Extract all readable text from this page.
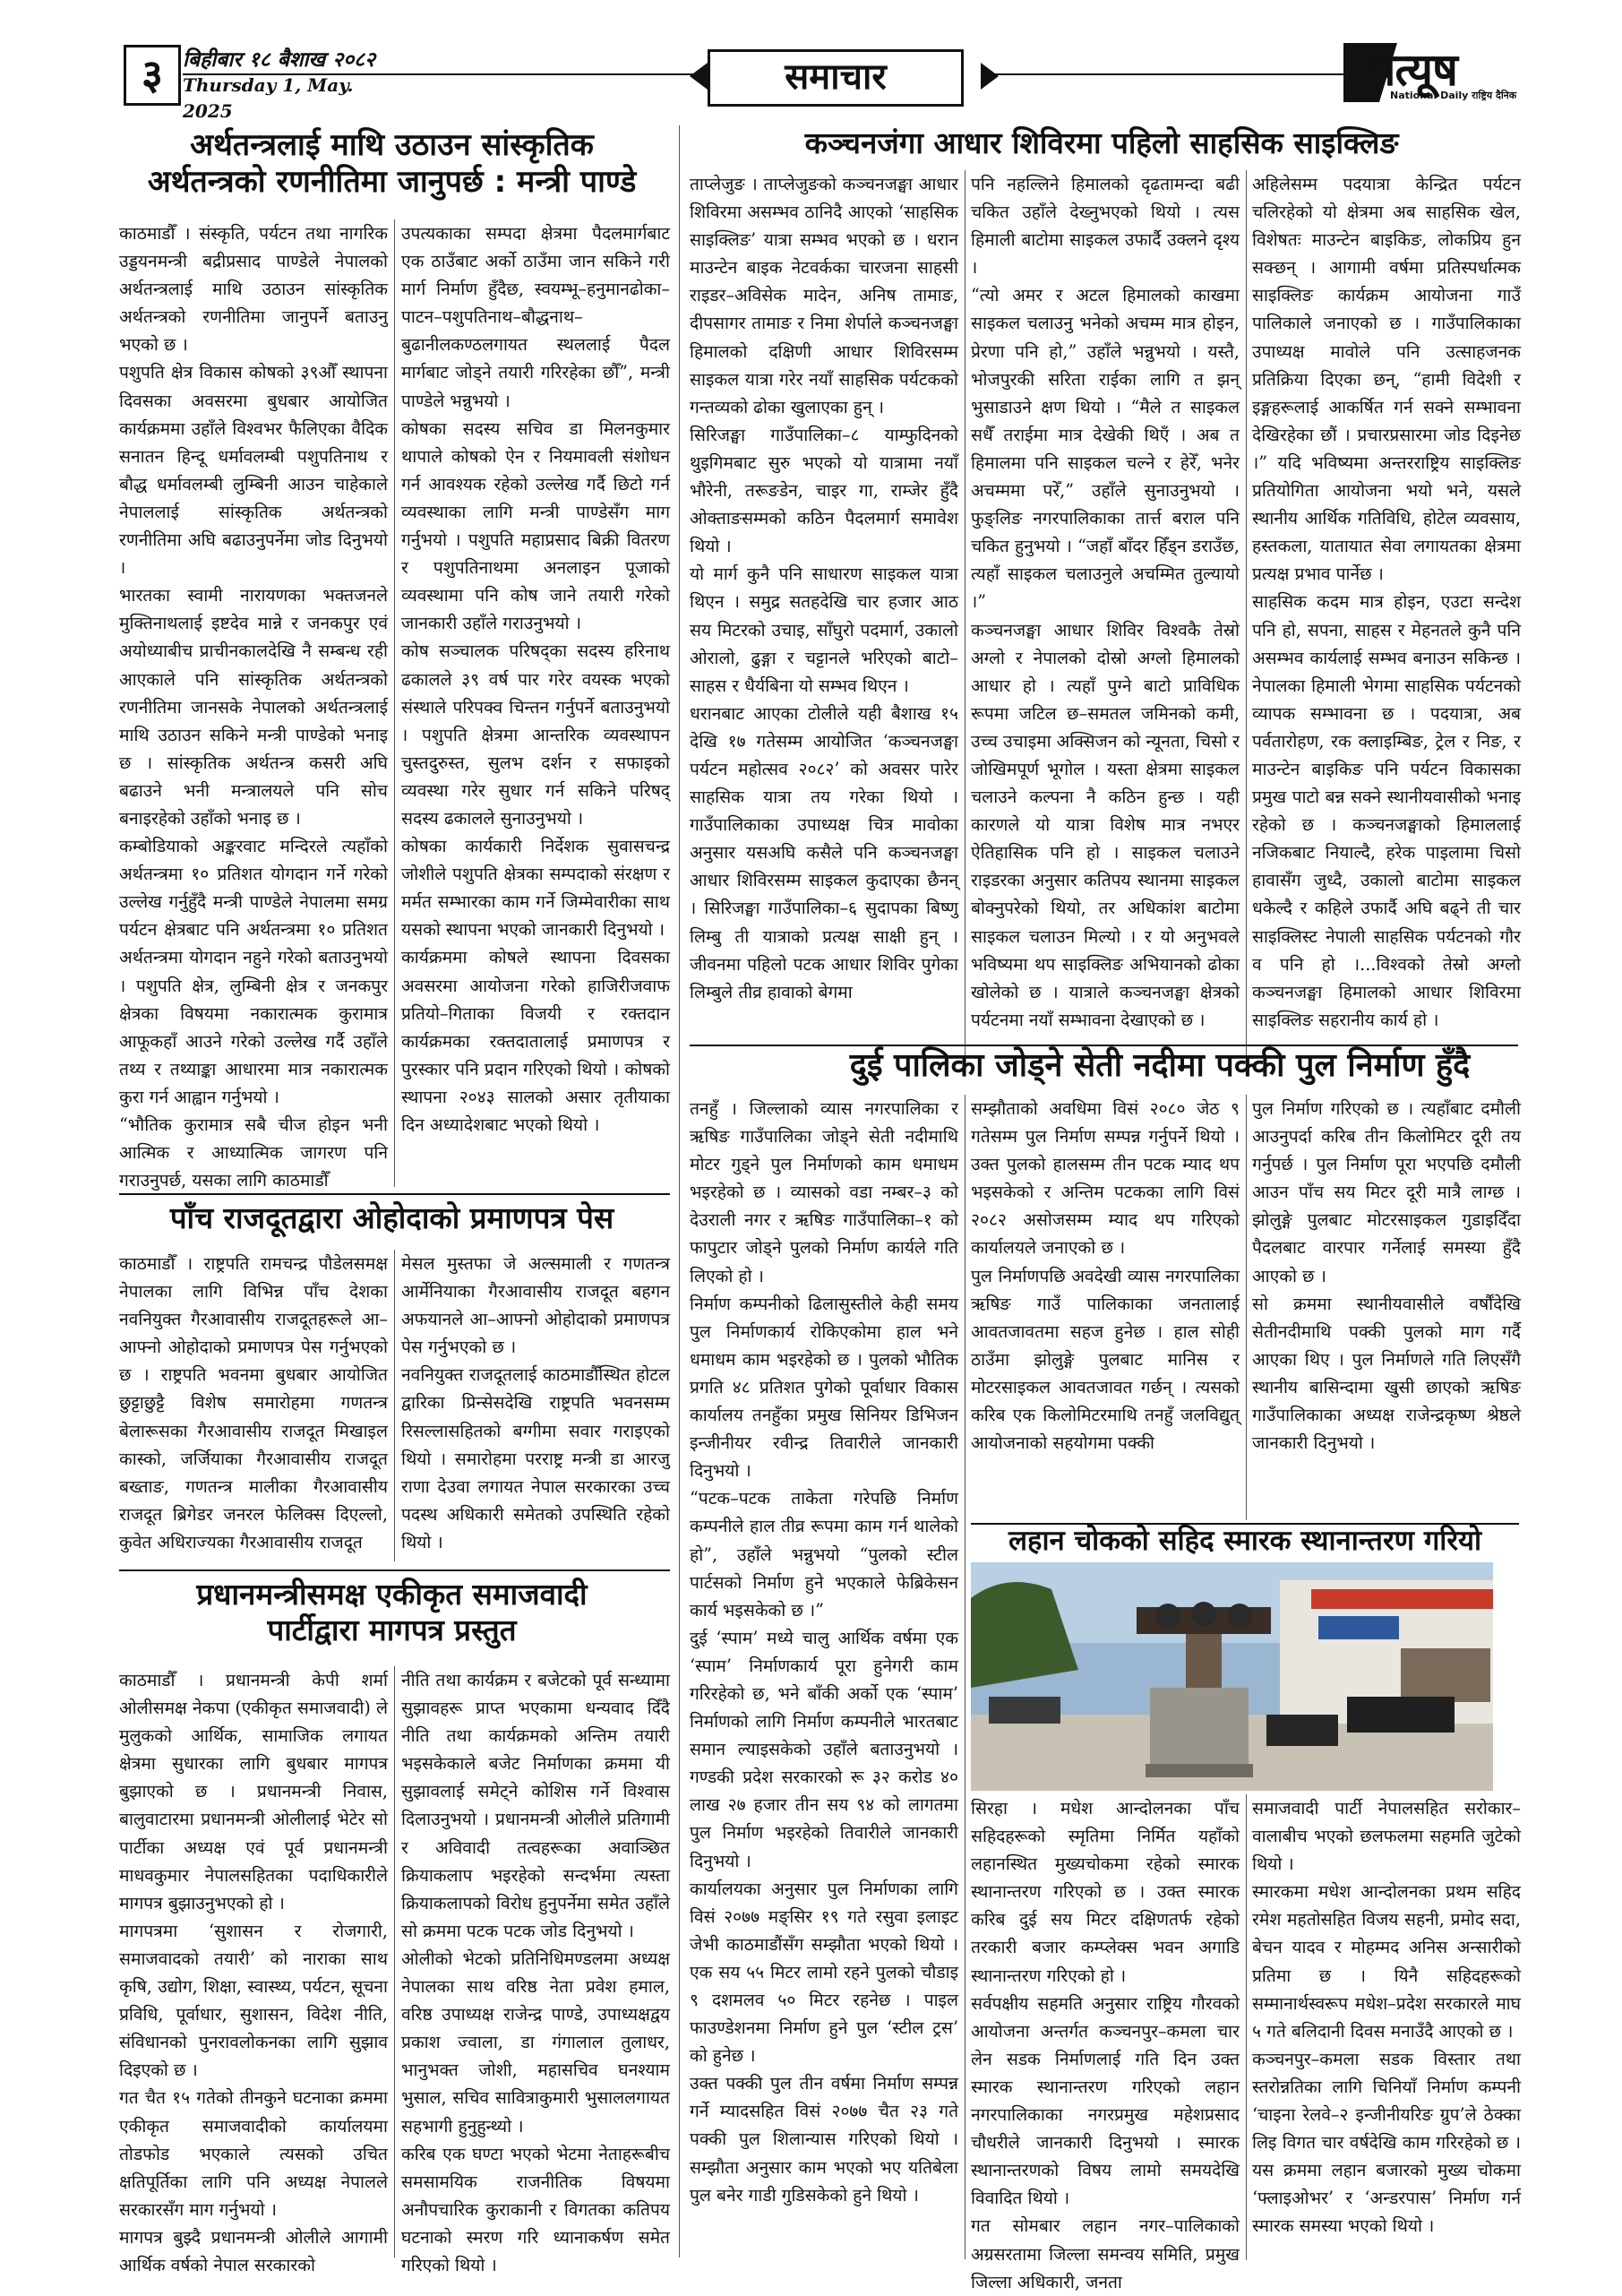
३ बिहीबार १८ बैशाख २०८२
Thursday 1, May. 2025
समाचार	प्रत्यूष
National Daily राष्ट्रिय दैनिक
अर्थतन्त्रलाई माथि उठाउन सांस्कृतिक
अर्थतन्त्रको रणनीतिमा जानुपर्छ : मन्त्री पाण्डे
काठमाडौँ । संस्कृति, पर्यटन तथा नागरिक उड्डयनमन्त्री बद्रीप्रसाद पाण्डेले नेपालको अर्थतन्त्रलाई माथि उठाउन सांस्कृतिक अर्थतन्त्रको रणनीतिमा जानुपर्ने बताउनु भएको छ ।
पशुपति क्षेत्र विकास कोषको ३९औँ स्थापना दिवसका अवसरमा बुधबार आयोजित कार्यक्रममा उहाँले विश्वभर फैलिएका वैदिक सनातन हिन्दू धर्मावलम्बी पशुपतिनाथ र बौद्ध धर्मावलम्बी लुम्बिनी आउन चाहेकाले नेपाललाई सांस्कृतिक अर्थतन्त्रको रणनीतिमा अघि बढाउनुपर्नेमा जोड दिनुभयो ।
भारतका स्वामी नारायणका भक्तजनले मुक्तिनाथलाई इष्टदेव मान्ने र जनकपुर एवं अयोध्याबीच प्राचीनकालदेखि नै सम्बन्ध रही आएकाले पनि सांस्कृतिक अर्थतन्त्रको रणनीतिमा जानसके नेपालको अर्थतन्त्रलाई माथि उठाउन सकिने मन्त्री पाण्डेको भनाइ छ । सांस्कृतिक अर्थतन्त्र कसरी अघि बढाउने भनी मन्त्रालयले पनि सोच बनाइरहेको उहाँको भनाइ छ ।
कम्बोडियाको अङ्करवाट मन्दिरले त्यहाँको अर्थतन्त्रमा १० प्रतिशत योगदान गर्ने गरेको उल्लेख गर्नुहुँदै मन्त्री पाण्डेले नेपालमा समग्र पर्यटन क्षेत्रबाट पनि अर्थतन्त्रमा १० प्रतिशत अर्थतन्त्रमा योगदान नहुने गरेको बताउनुभयो । पशुपति क्षेत्र, लुम्बिनी क्षेत्र र जनकपुर क्षेत्रका विषयमा नकारात्मक कुरामात्र आफूकहाँ आउने गरेको उल्लेख गर्दै उहाँले तथ्य र तथ्याङ्का आधारमा मात्र नकारात्मक कुरा गर्न आह्वान गर्नुभयो ।
“भौतिक कुरामात्र सबै चीज होइन भनी आत्मिक र आध्यात्मिक जागरण पनि गराउनुपर्छ, यसका लागि काठमाडौँ
उपत्यकाका सम्पदा क्षेत्रमा पैदलमार्गबाट एक ठाउँबाट अर्को ठाउँमा जान सकिने गरी मार्ग निर्माण हुँदैछ, स्वयम्भू–हनुमानढोका–पाटन–पशुपतिनाथ–बौद्धनाथ–बुढानीलकण्ठलगायत स्थललाई पैदल मार्गबाट जोड्ने तयारी गरिरहेका छौँ”, मन्त्री पाण्डेले भन्नुभयो ।
कोषका सदस्य सचिव डा मिलनकुमार थापाले कोषको ऐन र नियमावली संशोधन गर्न आवश्यक रहेको उल्लेख गर्दै छिटो गर्न व्यवस्थाका लागि मन्त्री पाण्डेसँग माग गर्नुभयो । पशुपति महाप्रसाद बिक्री वितरण र पशुपतिनाथमा अनलाइन पूजाको व्यवस्थामा पनि कोष जाने तयारी गरेको जानकारी उहाँले गराउनुभयो ।
कोष सञ्चालक परिषद्का सदस्य हरिनाथ ढकालले ३९ वर्ष पार गरेर वयस्क भएको संस्थाले परिपक्व चिन्तन गर्नुपर्ने बताउनुभयो । पशुपति क्षेत्रमा आन्तरिक व्यवस्थापन चुस्तदुरुस्त, सुलभ दर्शन र सफाइको व्यवस्था गरेर सुधार गर्न सकिने परिषद् सदस्य ढकालले सुनाउनुभयो ।
कोषका कार्यकारी निर्देशक सुवासचन्द्र जोशीले पशुपति क्षेत्रका सम्पदाको संरक्षण र मर्मत सम्भारका काम गर्ने जिम्मेवारीका साथ यसको स्थापना भएको जानकारी दिनुभयो ।
कार्यक्रममा कोषले स्थापना दिवसका अवसरमा आयोजना गरेको हाजिरीजवाफ प्रतियो–गिताका विजयी र रक्तदान कार्यक्रमका रक्तदातालाई प्रमाणपत्र र पुरस्कार पनि प्रदान गरिएको थियो । कोषको स्थापना २०४३ सालको असार तृतीयाका दिन अध्यादेशबाट भएको थियो ।
पाँच राजदूतद्वारा ओहोदाको प्रमाणपत्र पेस
काठमाडौँ । राष्ट्रपति रामचन्द्र पौडेलसमक्ष नेपालका लागि विभिन्न पाँच देशका नवनियुक्त गैरआवासीय राजदूतहरूले आ–आफ्नो ओहोदाको प्रमाणपत्र पेस गर्नुभएको छ । राष्ट्रपति भवनमा बुधबार आयोजित छुट्टाछुट्टै विशेष समारोहमा गणतन्त्र बेलारूसका गैरआवासीय राजदूत मिखाइल कास्को, जर्जियाका गैरआवासीय राजदूत बख्ताङ, गणतन्त्र मालीका गैरआवासीय राजदूत ब्रिगेडर जनरल फेलिक्स दिएल्लो, कुवेत अधिराज्यका गैरआवासीय राजदूत
मेसल मुस्तफा जे अल्समाली र गणतन्त्र आर्मेनियाका गैरआवासीय राजदूत बहगन अफयानले आ–आफ्नो ओहोदाको प्रमाणपत्र पेस गर्नुभएको छ ।
नवनियुक्त राजदूतलाई काठमाडौँस्थित होटल द्वारिका प्रिन्सेसदेखि राष्ट्रपति भवनसम्म रिसल्लासहितको बग्गीमा सवार गराइएको थियो । समारोहमा परराष्ट्र मन्त्री डा आरजु राणा देउवा लगायत नेपाल सरकारका उच्च पदस्थ अधिकारी समेतको उपस्थिति रहेको थियो ।
प्रधानमन्त्रीसमक्ष एकीकृत समाजवादी
पार्टीद्वारा मागपत्र प्रस्तुत
काठमाडौँ । प्रधानमन्त्री केपी शर्मा ओलीसमक्ष नेकपा (एकीकृत समाजवादी) ले मुलुकको आर्थिक, सामाजिक लगायत क्षेत्रमा सुधारका लागि बुधबार मागपत्र बुझाएको छ । प्रधानमन्त्री निवास, बालुवाटारमा प्रधानमन्त्री ओलीलाई भेटेर सो पार्टीका अध्यक्ष एवं पूर्व प्रधानमन्त्री माधवकुमार नेपालसहितका पदाधिकारीले मागपत्र बुझाउनुभएको हो ।
मागपत्रमा ‘सुशासन र रोजगारी, समाजवादको तयारी’ को नाराका साथ कृषि, उद्योग, शिक्षा, स्वास्थ्य, पर्यटन, सूचना प्रविधि, पूर्वाधार, सुशासन, विदेश नीति, संविधानको पुनरावलोकनका लागि सुझाव दिइएको छ ।
गत चैत १५ गतेको तीनकुने घटनाका क्रममा एकीकृत समाजवादीको कार्यालयमा तोडफोड भएकाले त्यसको उचित क्षतिपूर्तिका लागि पनि अध्यक्ष नेपालले सरकारसँग माग गर्नुभयो ।
मागपत्र बुझ्दै प्रधानमन्त्री ओलीले आगामी आर्थिक वर्षको नेपाल सरकारको
नीति तथा कार्यक्रम र बजेटको पूर्व सन्ध्यामा सुझावहरू प्राप्त भएकामा धन्यवाद दिँदै नीति तथा कार्यक्रमको अन्तिम तयारी भइसकेकाले बजेट निर्माणका क्रममा यी सुझावलाई समेट्ने कोशिस गर्ने विश्वास दिलाउनुभयो । प्रधानमन्त्री ओलीले प्रतिगामी र अविवादी तत्वहरूका अवाञ्छित क्रियाकलाप भइरहेको सन्दर्भमा त्यस्ता क्रियाकलापको विरोध हुनुपर्नेमा समेत उहाँले सो क्रममा पटक पटक जोड दिनुभयो ।
ओलीको भेटको प्रतिनिधिमण्डलमा अध्यक्ष नेपालका साथ वरिष्ठ नेता प्रवेश हमाल, वरिष्ठ उपाध्यक्ष राजेन्द्र पाण्डे, उपाध्यक्षद्वय प्रकाश ज्वाला, डा गंगालाल तुलाधर, भानुभक्त जोशी, महासचिव घनश्याम भुसाल, सचिव सावित्राकुमारी भुसाललगायत सहभागी हुनुहुन्थ्यो ।
करिब एक घण्टा भएको भेटमा नेताहरूबीच समसामयिक राजनीतिक विषयमा अनौपचारिक कुराकानी र विगतका कतिपय घटनाको स्मरण गरि ध्यानाकर्षण समेत गरिएको थियो ।
कञ्चनजंगा आधार शिविरमा पहिलो साहसिक साइक्लिङ
ताप्लेजुङ । ताप्लेजुङको कञ्चनजङ्घा आधार शिविरमा असम्भव ठानिदै आएको ‘साहसिक साइक्लिङ’ यात्रा सम्भव भएको छ । धरान माउन्टेन बाइक नेटवर्कका चारजना साहसी राइडर–अविसेक मादेन, अनिष तामाङ, दीपसागर तामाङ र निमा शेर्पाले कञ्चनजङ्घा हिमालको दक्षिणी आधार शिविरसम्म साइकल यात्रा गरेर नयाँ साहसिक पर्यटकको गन्तव्यको ढोका खुलाएका हुन् ।
सिरिजङ्घा गाउँपालिका–८ याम्फुदिनको थुइगिमबाट सुरु भएको यो यात्रामा नयाँ भौरेनी, तरूङडेन, चाइर गा, राम्जेर हुँदै ओक्ताङसम्मको कठिन पैदलमार्ग समावेश थियो ।
यो मार्ग कुनै पनि साधारण साइकल यात्रा थिएन । समुद्र सतहदेखि चार हजार आठ सय मिटरको उचाइ, साँघुरो पदमार्ग, उकालो ओरालो, ढुङ्गा र चट्टानले भरिएको बाटो–साहस र धैर्यबिना यो सम्भव थिएन ।
धरानबाट आएका टोलीले यही बैशाख १५ देखि १७ गतेसम्म आयोजित ‘कञ्चनजङ्घा पर्यटन महोत्सव २०८२’ को अवसर पारेर साहसिक यात्रा तय गरेका थियो । गाउँपालिकाका उपाध्यक्ष चित्र मावोका अनुसार यसअघि कसैले पनि कञ्चनजङ्घा आधार शिविरसम्म साइकल कुदाएका छैनन् । सिरिजङ्घा गाउँपालिका–६ सुदापका बिष्णु लिम्बु ती यात्राको प्रत्यक्ष साक्षी हुन् । जीवनमा पहिलो पटक आधार शिविर पुगेका लिम्बुले तीव्र हावाको बेगमा
पनि नहल्लिने हिमालको दृढतामन्दा बढी चकित उहाँले देख्नुभएको थियो । त्यस हिमाली बाटोमा साइकल उफार्दै उक्लने दृश्य ।
“त्यो अमर र अटल हिमालको काखमा साइकल चलाउनु भनेको अचम्म मात्र होइन, प्रेरणा पनि हो,” उहाँले भन्नुभयो । यस्तै, भोजपुरकी सरिता राईका लागि त झन् भुसाडाउने क्षण थियो । “मैले त साइकल सधैँ तराईमा मात्र देखेकी थिएँ । अब त हिमालमा पनि साइकल चल्ने र हेरेँ, भनेर अचम्ममा परेँ,” उहाँले सुनाउनुभयो । फुङ्लिङ नगरपालिकाका तार्त्त बराल पनि चकित हुनुभयो । “जहाँ बाँदर हिँड्न डराउँछ, त्यहाँ साइकल चलाउनुले अचम्मित तुल्यायो ।”
कञ्चनजङ्घा आधार शिविर विश्वकै तेस्रो अग्लो र नेपालको दोस्रो अग्लो हिमालको आधार हो । त्यहाँ पुग्ने बाटो प्राविधिक रूपमा जटिल छ–समतल जमिनको कमी, उच्च उचाइमा अक्सिजन को न्यूनता, चिसो र जोखिमपूर्ण भूगोल । यस्ता क्षेत्रमा साइकल चलाउने कल्पना नै कठिन हुन्छ । यही कारणले यो यात्रा विशेष मात्र नभएर ऐतिहासिक पनि हो । साइकल चलाउने राइडरका अनुसार कतिपय स्थानमा साइकल बोक्नुपरेको थियो, तर अधिकांश बाटोमा साइकल चलाउन मिल्यो । र यो अनुभवले भविष्यमा थप साइक्लिङ अभियानको ढोका खोलेको छ । यात्राले कञ्चनजङ्घा क्षेत्रको पर्यटनमा नयाँ सम्भावना देखाएको छ ।
अहिलेसम्म पदयात्रा केन्द्रित पर्यटन चलिरहेको यो क्षेत्रमा अब साहसिक खेल, विशेषतः माउन्टेन बाइकिङ, लोकप्रिय हुन सक्छन् । आगामी वर्षमा प्रतिस्पर्धात्मक साइक्लिङ कार्यक्रम आयोजना गाउँ पालिकाले जनाएको छ । गाउँपालिकाका उपाध्यक्ष मावोले पनि उत्साहजनक प्रतिक्रिया दिएका छन्, “हामी विदेशी र इङ्गहरूलाई आकर्षित गर्न सक्ने सम्भावना देखिरहेका छौं । प्रचारप्रसारमा जोड दिइनेछ ।” यदि भविष्यमा अन्तरराष्ट्रिय साइक्लिङ प्रतियोगिता आयोजना भयो भने, यसले स्थानीय आर्थिक गतिविधि, होटेल व्यवसाय, हस्तकला, यातायात सेवा लगायतका क्षेत्रमा प्रत्यक्ष प्रभाव पार्नेछ ।
साहसिक कदम मात्र होइन, एउटा सन्देश पनि हो, सपना, साहस र मेहनतले कुनै पनि असम्भव कार्यलाई सम्भव बनाउन सकिन्छ । नेपालका हिमाली भेगमा साहसिक पर्यटनको व्यापक सम्भावना छ । पदयात्रा, अब पर्वतारोहण, रक क्लाइम्बिङ, ट्रेल र निङ, र माउन्टेन बाइकिङ पनि पर्यटन विकासका प्रमुख पाटो बन्न सक्ने स्थानीयवासीको भनाइ रहेको छ । कञ्चनजङ्घाको हिमाललाई नजिकबाट नियाल्दै, हरेक पाइलामा चिसो हावासँग जुध्दै, उकालो बाटोमा साइकल धकेल्दै र कहिले उफार्दै अघि बढ्ने ती चार साइक्लिस्ट नेपाली साहसिक पर्यटनको गौर व पनि हो ।...विश्वको तेस्रो अग्लो कञ्चनजङ्घा हिमालको आधार शिविरमा साइक्लिङ सहरानीय कार्य हो ।
दुई पालिका जोड्ने सेती नदीमा पक्की पुल निर्माण हुँदै
तनहुँ । जिल्लाको व्यास नगरपालिका र ऋषिङ गाउँपालिका जोड्ने सेती नदीमाथि मोटर गुड्ने पुल निर्माणको काम धमाधम भइरहेको छ । व्यासको वडा नम्बर–३ को देउराली नगर र ऋषिङ गाउँपालिका–१ को फापुटार जोड्ने पुलको निर्माण कार्यले गति लिएको हो ।
निर्माण कम्पनीको ढिलासुस्तीले केही समय पुल निर्माणकार्य रोकिएकोमा हाल भने धमाधम काम भइरहेको छ । पुलको भौतिक प्रगति ४८ प्रतिशत पुगेको पूर्वाधार विकास कार्यालय तनहुँका प्रमुख सिनियर डिभिजन इन्जीनीयर रवीन्द्र तिवारीले जानकारी दिनुभयो ।
“पटक–पटक ताकेता गरेपछि निर्माण कम्पनीले हाल तीव्र रूपमा काम गर्न थालेको हो”, उहाँले भन्नुभयो “पुलको स्टील पार्टसको निर्माण हुने भएकाले फेब्रिकेसन कार्य भइसकेको छ ।”
दुई ‘स्पाम’ मध्ये चालु आर्थिक वर्षमा एक ‘स्पाम’ निर्माणकार्य पूरा हुनेगरी काम गरिरहेको छ, भने बाँकी अर्को एक ‘स्पाम’ निर्माणको लागि निर्माण कम्पनीले भारतबाट समान ल्याइसकेको उहाँले बताउनुभयो । गण्डकी प्रदेश सरकारको रू ३२ करोड ४० लाख २७ हजार तीन सय ९४ को लागतमा पुल निर्माण भइरहेको तिवारीले जानकारी दिनुभयो ।
कार्यालयका अनुसार पुल निर्माणका लागि विसं २०७७ मङ्सिर १९ गते रसुवा इलाइट जेभी काठमाडौंसँग सम्झौता भएको थियो । एक सय ५५ मिटर लामो रहने पुलको चौडाइ ९ दशमलव ५० मिटर रहनेछ । पाइल फाउण्डेशनमा निर्माण हुने पुल ‘स्टील ट्रस’ को हुनेछ ।
उक्त पक्की पुल तीन वर्षमा निर्माण सम्पन्न गर्ने म्यादसहित विसं २०७७ चैत २३ गते पक्की पुल शिलान्यास गरिएको थियो । सम्झौता अनुसार काम भएको भए यतिबेला पुल बनेर गाडी गुडिसकेको हुने थियो ।
सम्झौताको अवधिमा विसं २०८० जेठ ९ गतेसम्म पुल निर्माण सम्पन्न गर्नुपर्ने थियो । उक्त पुलको हालसम्म तीन पटक म्याद थप भइसकेको र अन्तिम पटकका लागि विसं २०८२ असोजसम्म म्याद थप गरिएको कार्यालयले जनाएको छ ।
पुल निर्माणपछि अवदेखी व्यास नगरपालिका ऋषिङ गाउँ पालिकाका जनतालाई आवतजावतमा सहज हुनेछ । हाल सोही ठाउँमा झोलुङ्गे पुलबाट मानिस र मोटरसाइकल आवतजावत गर्छन् । त्यसको करिब एक किलोमिटरमाथि तनहुँ जलविद्युत् आयोजनाको सहयोगमा पक्की
पुल निर्माण गरिएको छ । त्यहाँबाट दमौली आउनुपर्दा करिब तीन किलोमिटर दूरी तय गर्नुपर्छ । पुल निर्माण पूरा भएपछि दमौली आउन पाँच सय मिटर दूरी मात्रै लाग्छ । झोलुङ्गे पुलबाट मोटरसाइकल गुडाइदिँदा पैदलबाट वारपार गर्नेलाई समस्या हुँदै आएको छ ।
सो क्रममा स्थानीयवासीले वर्षौंदेखि सेतीनदीमाथि पक्की पुलको माग गर्दै आएका थिए । पुल निर्माणले गति लिएसँगै स्थानीय बासिन्दामा खुसी छाएको ऋषिङ गाउँपालिकाका अध्यक्ष राजेन्द्रकृष्ण श्रेष्ठले जानकारी दिनुभयो ।
लहान चोकको सहिद स्मारक स्थानान्तरण गरियो
सिरहा । मधेश आन्दोलनका पाँच सहिदहरूको स्मृतिमा निर्मित यहाँको लहानस्थित मुख्यचोकमा रहेको स्मारक स्थानान्तरण गरिएको छ । उक्त स्मारक करिब दुई सय मिटर दक्षिणतर्फ रहेको तरकारी बजार कम्प्लेक्स भवन अगाडि स्थानान्तरण गरिएको हो ।
सर्वपक्षीय सहमति अनुसार राष्ट्रिय गौरवको आयोजना अन्तर्गत कञ्चनपुर–कमला चार लेन सडक निर्माणलाई गति दिन उक्त स्मारक स्थानान्तरण गरिएको लहान नगरपालिकाका नगरप्रमुख महेशप्रसाद चौधरीले जानकारी दिनुभयो । स्मारक स्थानान्तरणको विषय लामो समयदेखि विवादित थियो ।
गत सोमबार लहान नगर–पालिकाको अग्रसरतामा जिल्ला समन्वय समिति, प्रमुख जिल्ला अधिकारी, जनता
समाजवादी पार्टी नेपालसहित सरोकार–वालाबीच भएको छलफलमा सहमति जुटेको थियो ।
स्मारकमा मधेश आन्दोलनका प्रथम सहिद रमेश महतोसहित विजय सहनी, प्रमोद सदा, बेचन यादव र मोहम्मद अनिस अन्सारीको प्रतिमा छ । यिनै सहिदहरूको सम्मानार्थस्वरूप मधेश–प्रदेश सरकारले माघ ५ गते बलिदानी दिवस मनाउँदै आएको छ ।
कञ्चनपुर–कमला सडक विस्तार तथा स्तरोन्नतिका लागि चिनियाँ निर्माण कम्पनी ‘चाइना रेलवे–२ इन्जीनीयरिङ ग्रुप’ले ठेक्का लिइ विगत चार वर्षदेखि काम गरिरहेको छ । यस क्रममा लहान बजारको मुख्य चोकमा ‘फ्लाइओभर’ र ‘अन्डरपास’ निर्माण गर्न स्मारक समस्या भएको थियो ।
